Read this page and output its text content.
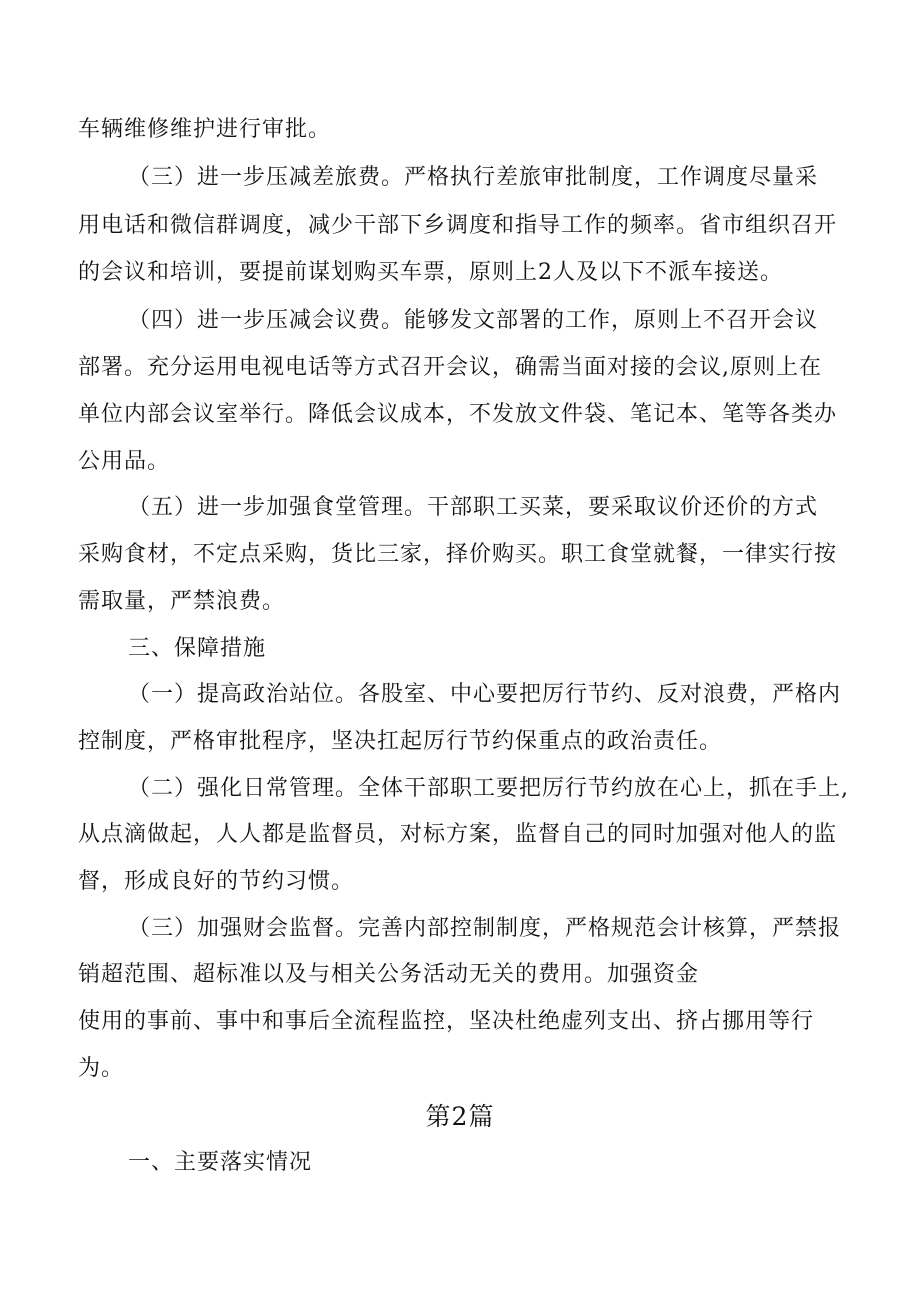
车辆维修维护进行审批。
（三）进一步压减差旅费。严格执行差旅审批制度，工作调度尽量采
用电话和微信群调度，减少干部下乡调度和指导工作的频率。省市组织召开
的会议和培训，要提前谋划购买车票，原则上2人及以下不派车接送。
（四）进一步压减会议费。能够发文部署的工作，原则上不召开会议
部署。充分运用电视电话等方式召开会议，确需当面对接的会议,原则上在
单位内部会议室举行。降低会议成本，不发放文件袋、笔记本、笔等各类办
公用品。
（五）进一步加强食堂管理。干部职工买菜，要采取议价还价的方式
采购食材，不定点采购，货比三家，择价购买。职工食堂就餐，一律实行按
需取量，严禁浪费。
三、保障措施
（一）提高政治站位。各股室、中心要把厉行节约、反对浪费，严格内
控制度，严格审批程序，坚决扛起厉行节约保重点的政治责任。
（二）强化日常管理。全体干部职工要把厉行节约放在心上，抓在手上,
从点滴做起，人人都是监督员，对标方案，监督自己的同时加强对他人的监
督，形成良好的节约习惯。
（三）加强财会监督。完善内部控制制度，严格规范会计核算，严禁报
销超范围、超标准以及与相关公务活动无关的费用。加强资金
使用的事前、事中和事后全流程监控，坚决杜绝虚列支出、挤占挪用等行
为。
第2篇
一、主要落实情况
